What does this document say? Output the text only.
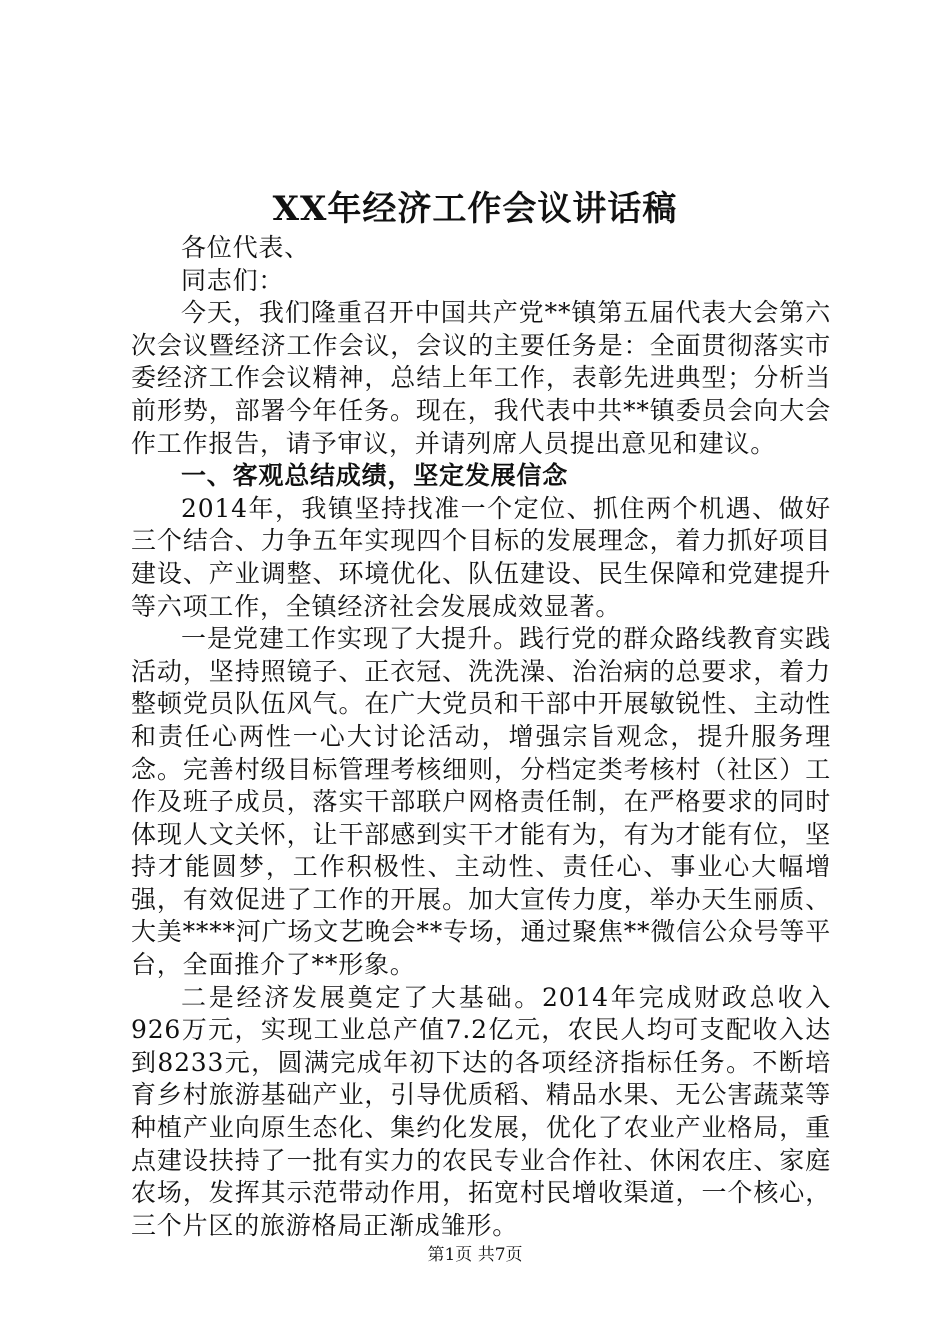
XX年经济工作会议讲话稿

各位代表、

同志们：

今天，我们隆重召开中国共产党**镇第五届代表大会第六次会议暨经济工作会议，会议的主要任务是：全面贯彻落实市委经济工作会议精神，总结上年工作，表彰先进典型；分析当前形势，部署今年任务。现在，我代表中共**镇委员会向大会作工作报告，请予审议，并请列席人员提出意见和建议。

一、客观总结成绩，坚定发展信念

2014年，我镇坚持找准一个定位、抓住两个机遇、做好三个结合、力争五年实现四个目标的发展理念，着力抓好项目建设、产业调整、环境优化、队伍建设、民生保障和党建提升等六项工作，全镇经济社会发展成效显著。

一是党建工作实现了大提升。践行党的群众路线教育实践活动，坚持照镜子、正衣冠、洗洗澡、治治病的总要求，着力整顿党员队伍风气。在广大党员和干部中开展敏锐性、主动性和责任心两性一心大讨论活动，增强宗旨观念，提升服务理念。完善村级目标管理考核细则，分档定类考核村（社区）工作及班子成员，落实干部联户网格责任制，在严格要求的同时体现人文关怀，让干部感到实干才能有为，有为才能有位，坚持才能圆梦，工作积极性、主动性、责任心、事业心大幅增强，有效促进了工作的开展。加大宣传力度，举办天生丽质、大美****河广场文艺晚会**专场，通过聚焦**微信公众号等平台，全面推介了**形象。

二是经济发展奠定了大基础。2014年完成财政总收入926万元，实现工业总产值7.2亿元，农民人均可支配收入达到8233元，圆满完成年初下达的各项经济指标任务。不断培育乡村旅游基础产业，引导优质稻、精品水果、无公害蔬菜等种植产业向原生态化、集约化发展，优化了农业产业格局，重点建设扶持了一批有实力的农民专业合作社、休闲农庄、家庭农场，发挥其示范带动作用，拓宽村民增收渠道，一个核心，三个片区的旅游格局正渐成雏形。

第1页 共7页
